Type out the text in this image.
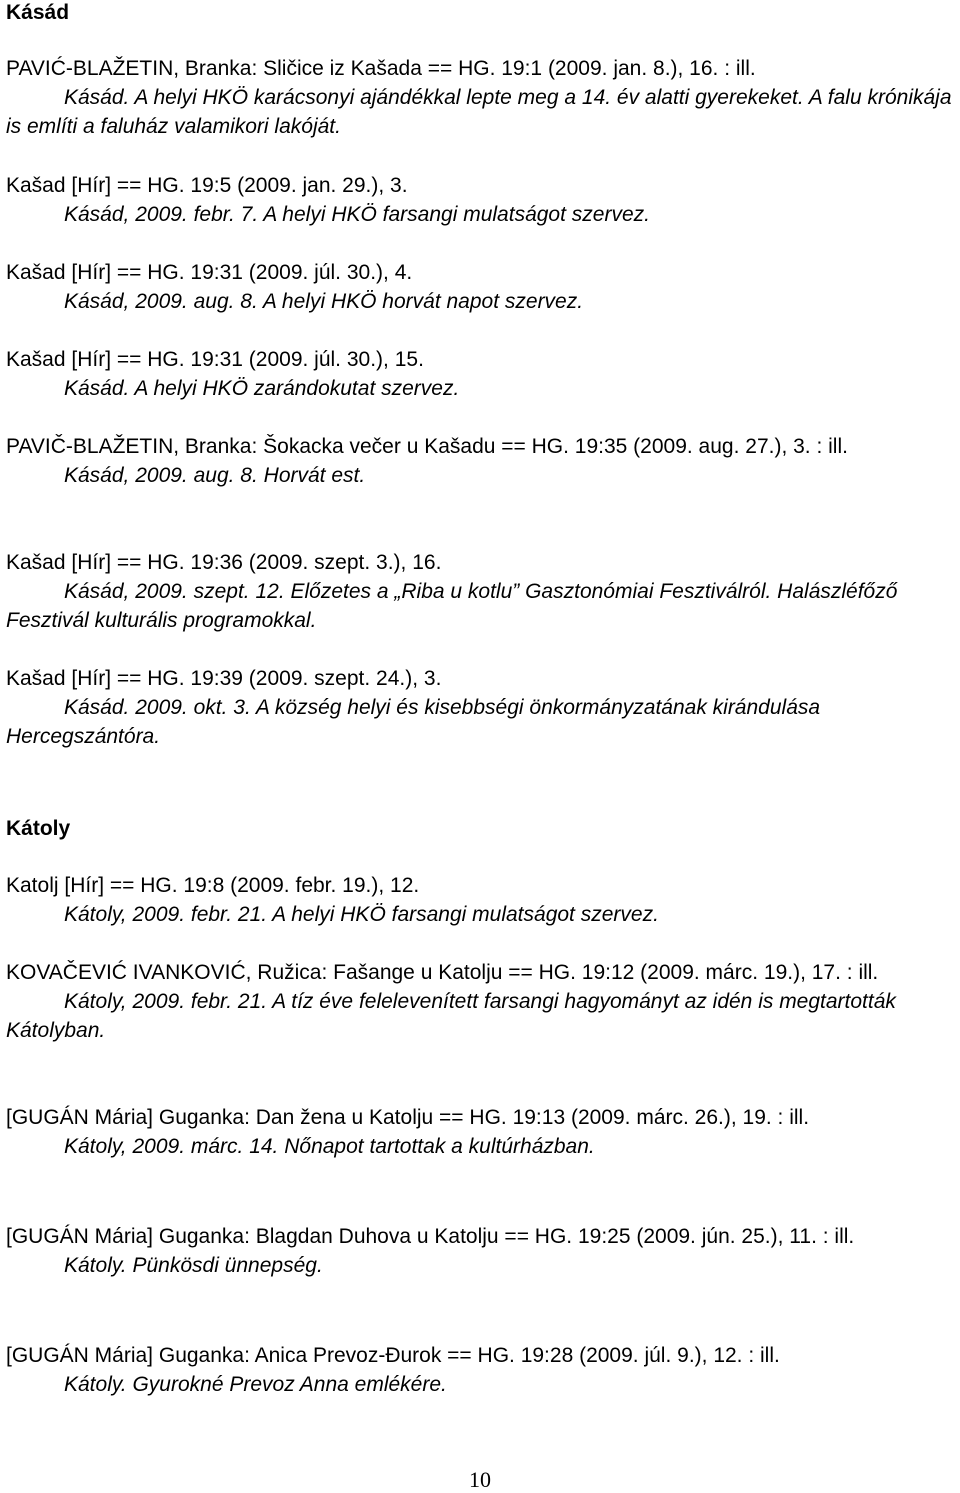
Kásád
PAVIĆ-BLAŽETIN, Branka: Sličice iz Kašada == HG. 19:1 (2009. jan. 8.), 16. : ill.
Kásád. A helyi HKÖ karácsonyi ajándékkal lepte meg a 14. év alatti gyerekeket. A falu krónikája is említi a faluház valamikori lakóját.
Kašad [Hír] == HG. 19:5 (2009. jan. 29.), 3.
Kásád, 2009. febr. 7. A helyi HKÖ farsangi mulatságot szervez.
Kašad [Hír] == HG. 19:31 (2009. júl. 30.), 4.
Kásád, 2009. aug. 8. A helyi HKÖ horvát napot szervez.
Kašad [Hír] == HG. 19:31 (2009. júl. 30.), 15.
Kásád. A helyi HKÖ zarándokutat szervez.
PAVIČ-BLAŽETIN, Branka: Šokacka večer u Kašadu == HG. 19:35 (2009. aug. 27.), 3. : ill.
Kásád, 2009. aug. 8. Horvát est.
Kašad [Hír] == HG. 19:36 (2009. szept. 3.), 16.
Kásád, 2009. szept. 12. Előzetes a „Riba u kotlu” Gasztonómiai Fesztiválról. Halászléfőző Fesztivál kulturális programokkal.
Kašad [Hír] == HG. 19:39 (2009. szept. 24.), 3.
Kásád. 2009. okt. 3. A község helyi és kisebbségi önkormányzatának kirándulása Hercegszántóra.
Kátoly
Katolj [Hír] == HG. 19:8 (2009. febr. 19.), 12.
Kátoly, 2009. febr. 21. A helyi HKÖ farsangi mulatságot szervez.
KOVAČEVIĆ IVANKOVIĆ, Ružica: Fašange u Katolju == HG. 19:12 (2009. márc. 19.), 17. : ill.
Kátoly, 2009. febr. 21. A tíz éve felelevenített farsangi hagyományt az idén is megtartották Kátolyban.
[GUGÁN Mária] Guganka: Dan žena u Katolju == HG. 19:13 (2009. márc. 26.), 19. : ill.
Kátoly, 2009. márc. 14. Nőnapot tartottak a kultúrházban.
[GUGÁN Mária] Guganka: Blagdan Duhova u Katolju == HG. 19:25 (2009. jún. 25.), 11. : ill.
Kátoly. Pünkösdi ünnepség.
[GUGÁN Mária] Guganka: Anica Prevoz-Đurok == HG. 19:28 (2009. júl. 9.), 12. : ill.
Kátoly. Gyurokné Prevoz Anna emlékére.
10
